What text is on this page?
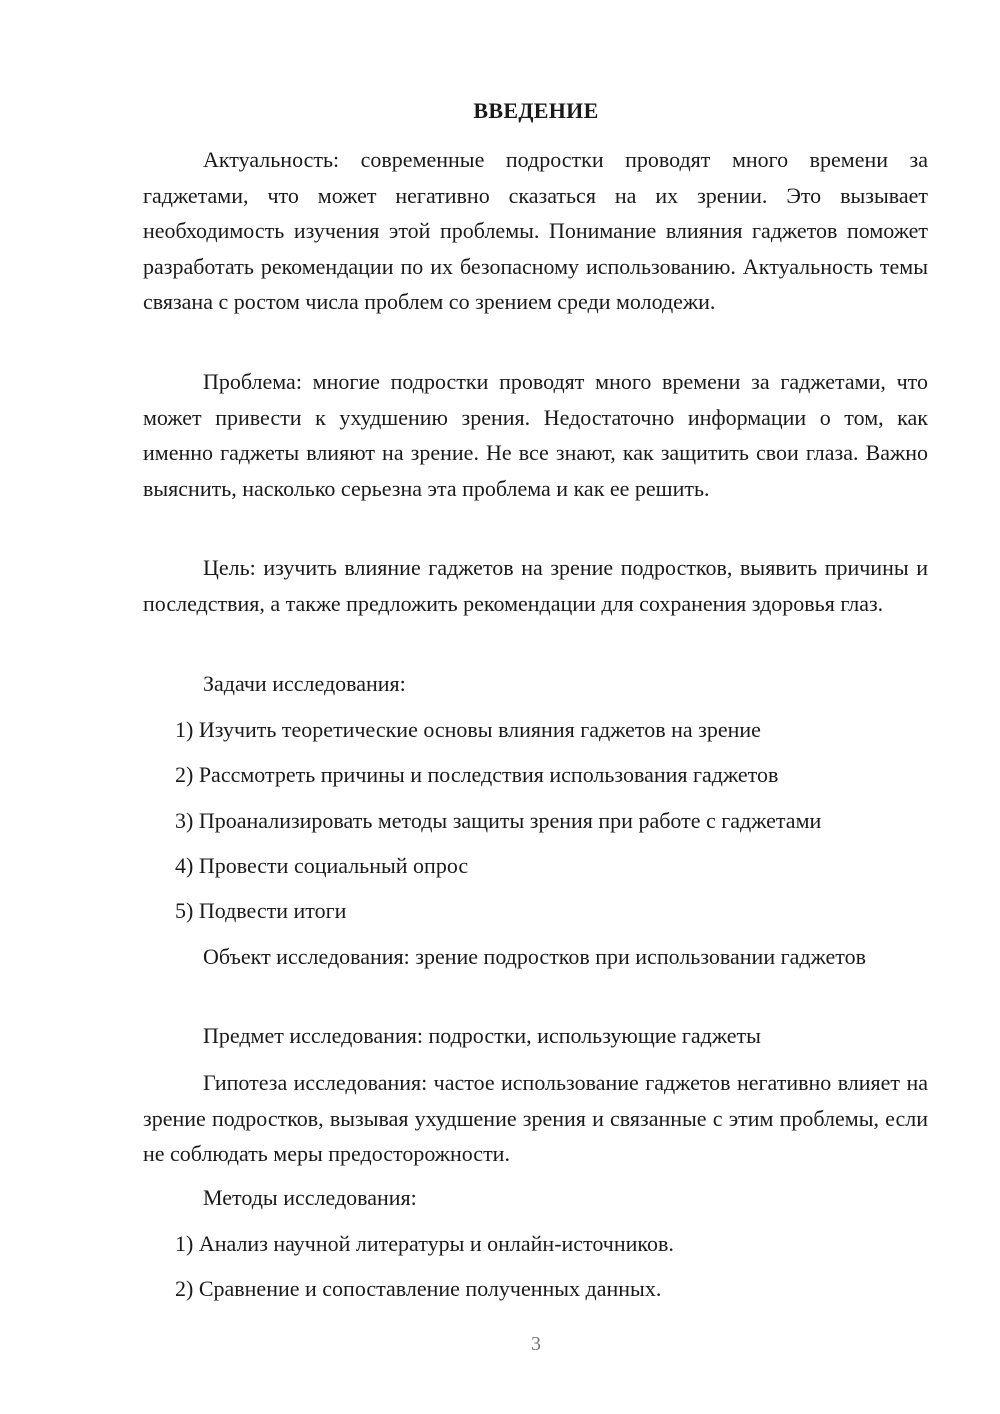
ВВЕДЕНИЕ

Актуальность: современные подростки проводят много времени за гаджетами, что может негативно сказаться на их зрении. Это вызывает необходимость изучения этой проблемы. Понимание влияния гаджетов поможет разработать рекомендации по их безопасному использованию. Актуальность темы связана с ростом числа проблем со зрением среди молодежи.

Проблема: многие подростки проводят много времени за гаджетами, что может привести к ухудшению зрения. Недостаточно информации о том, как именно гаджеты влияют на зрение. Не все знают, как защитить свои глаза. Важно выяснить, насколько серьезна эта проблема и как ее решить.

Цель: изучить влияние гаджетов на зрение подростков, выявить причины и последствия, а также предложить рекомендации для сохранения здоровья глаз.

Задачи исследования:

1) Изучить теоретические основы влияния гаджетов на зрение

2) Рассмотреть причины и последствия использования гаджетов

3) Проанализировать методы защиты зрения при работе с гаджетами

4) Провести социальный опрос

5) Подвести итоги

Объект исследования: зрение подростков при использовании гаджетов

Предмет исследования: подростки, использующие гаджеты

Гипотеза исследования: частое использование гаджетов негативно влияет на зрение подростков, вызывая ухудшение зрения и связанные с этим проблемы, если не соблюдать меры предосторожности.

Методы исследования:

1) Анализ научной литературы и онлайн-источников.

2) Сравнение и сопоставление полученных данных.

3
